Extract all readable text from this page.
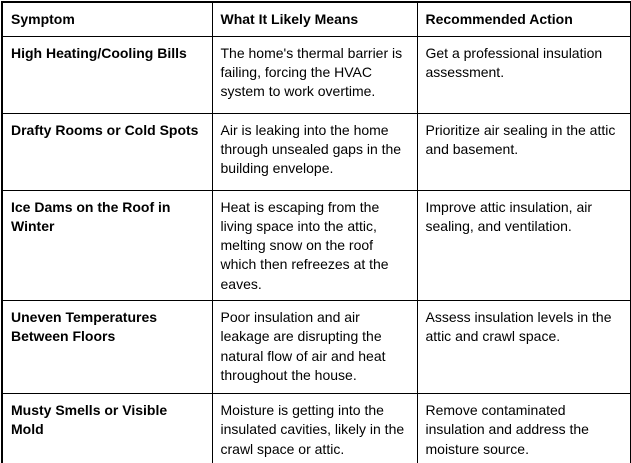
Symptom	What It Likely Means	Recommended Action
High Heating/Cooling Bills	The home's thermal barrier is failing, forcing the HVAC system to work overtime.	Get a professional insulation assessment.
Drafty Rooms or Cold Spots	Air is leaking into the home through unsealed gaps in the building envelope.	Prioritize air sealing in the attic and basement.
Ice Dams on the Roof in Winter	Heat is escaping from the living space into the attic, melting snow on the roof which then refreezes at the eaves.	Improve attic insulation, air sealing, and ventilation.
Uneven Temperatures Between Floors	Poor insulation and air leakage are disrupting the natural flow of air and heat throughout the house.	Assess insulation levels in the attic and crawl space.
Musty Smells or Visible Mold	Moisture is getting into the insulated cavities, likely in the crawl space or attic.	Remove contaminated insulation and address the moisture source.
